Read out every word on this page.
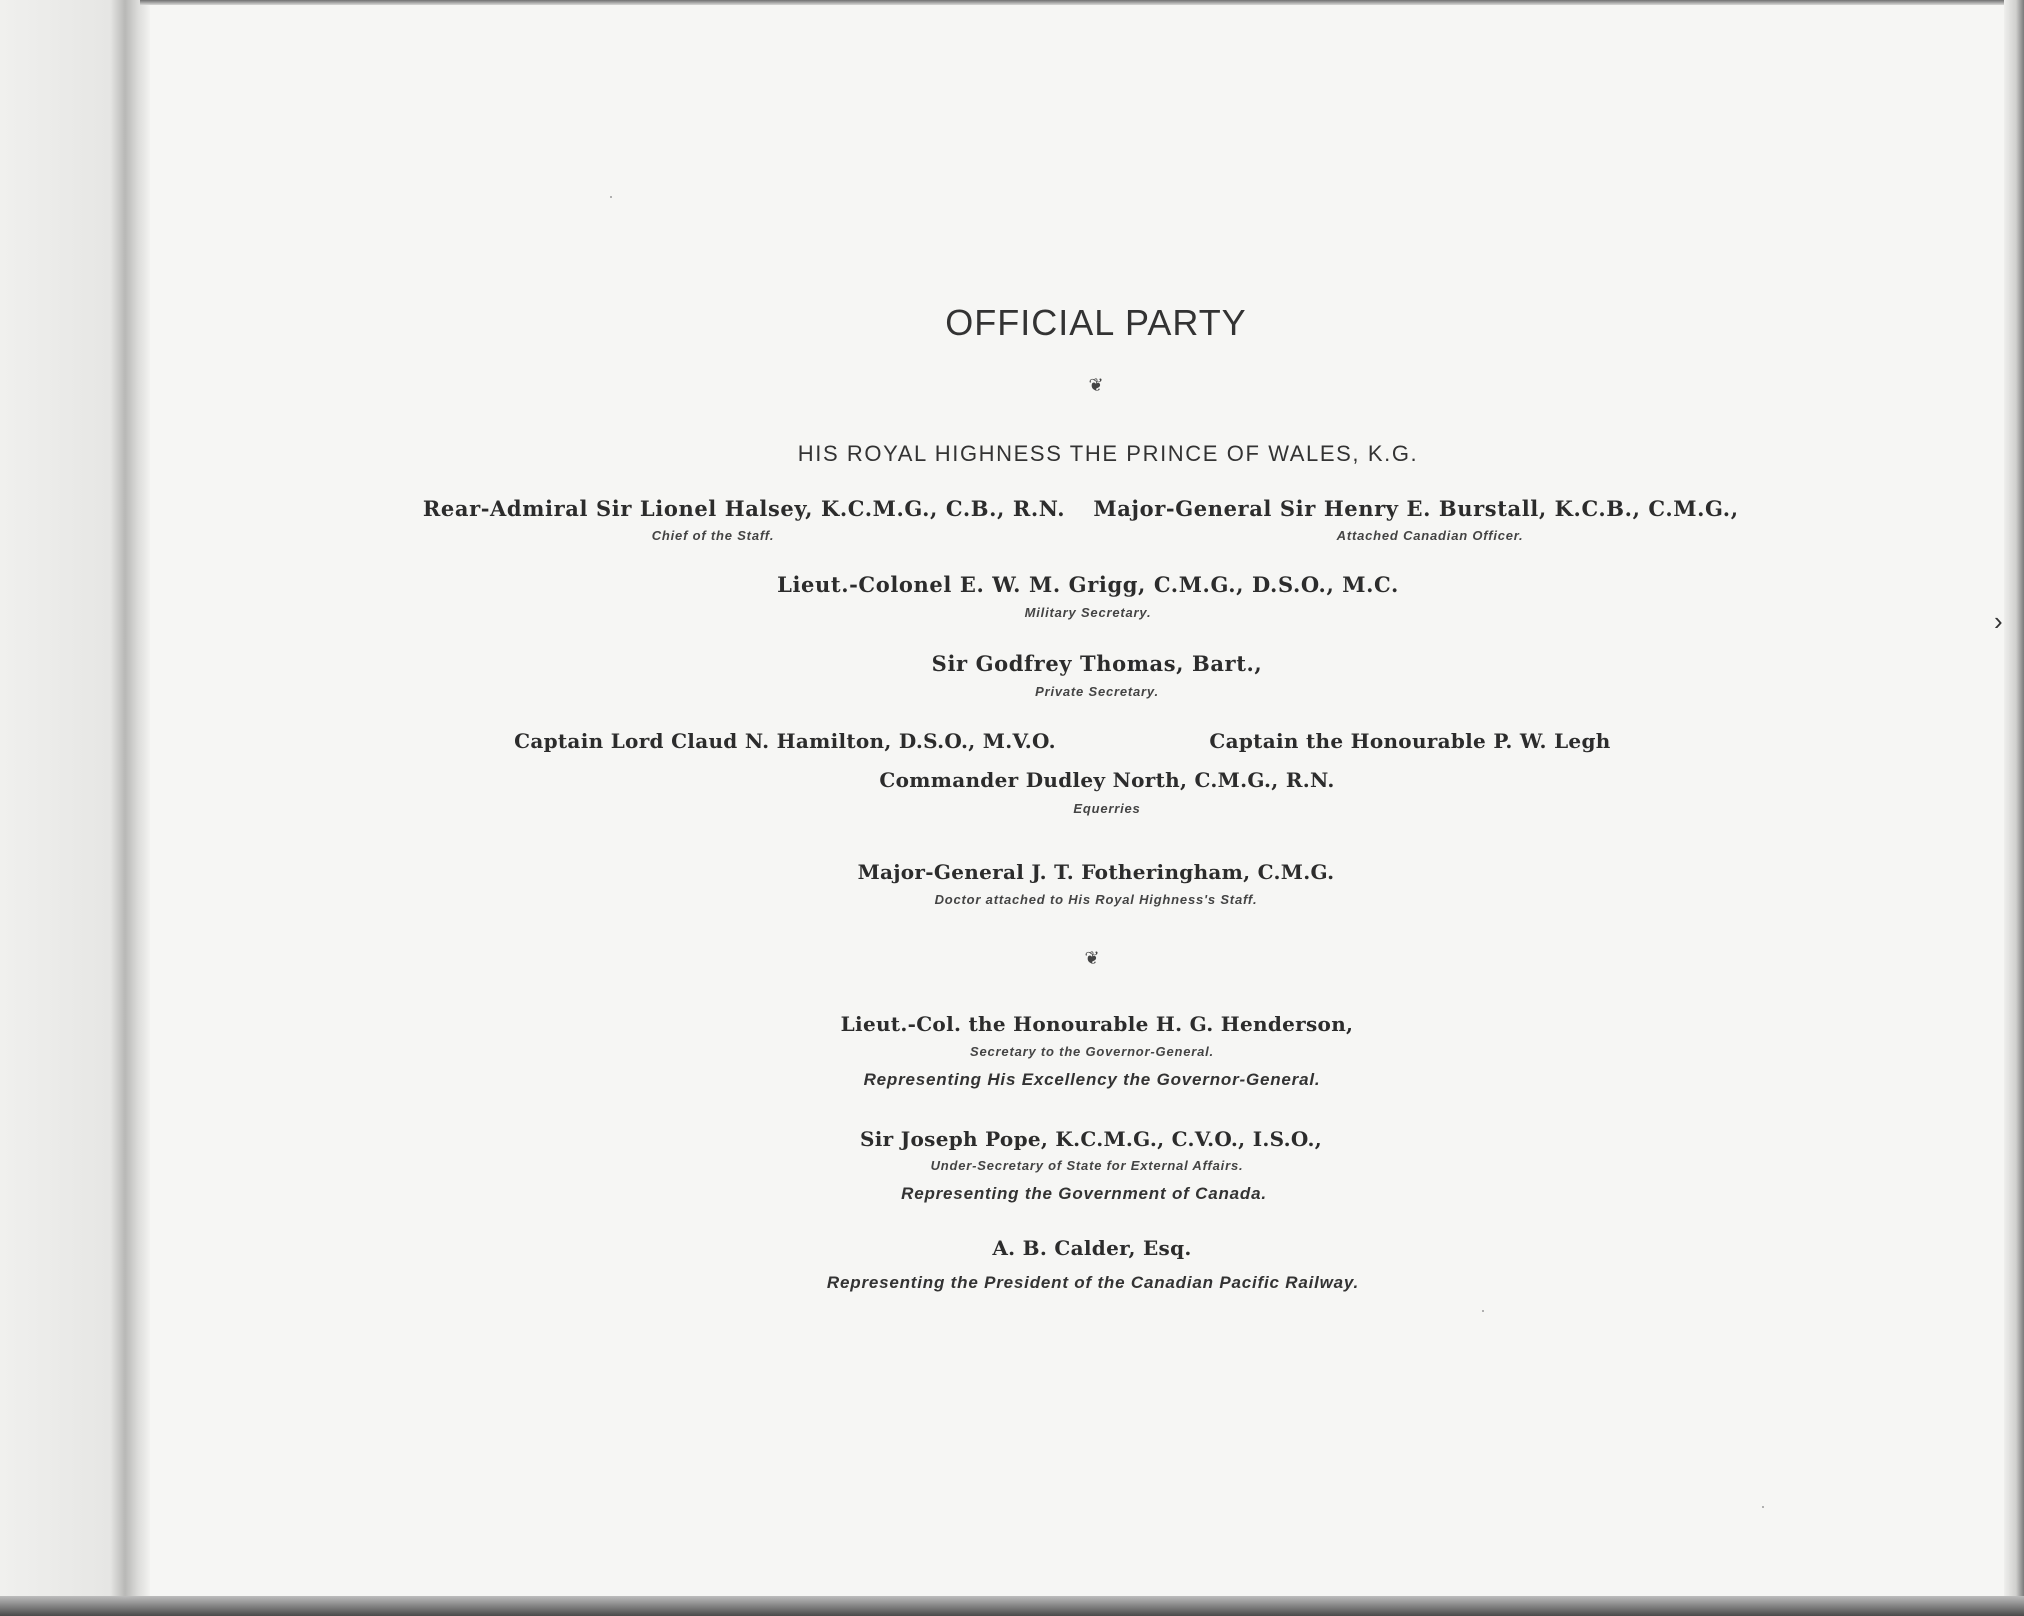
›
OFFICIAL PARTY
❦
HIS ROYAL HIGHNESS THE PRINCE OF WALES, K.G.
Rear-Admiral Sir Lionel Halsey, K.C.M.G., C.B., R.N.
Chief of the Staff.
Major-General Sir Henry E. Burstall, K.C.B., C.M.G.,
Attached Canadian Officer.
Lieut.-Colonel E. W. M. Grigg, C.M.G., D.S.O., M.C.
Military Secretary.
Sir Godfrey Thomas, Bart.,
Private Secretary.
Captain Lord Claud N. Hamilton, D.S.O., M.V.O.	Captain the Honourable P. W. Legh
Commander Dudley North, C.M.G., R.N.
Equerries
Major-General J. T. Fotheringham, C.M.G.
Doctor attached to His Royal Highness's Staff.
❦
Lieut.-Col. the Honourable H. G. Henderson,
Secretary to the Governor-General.
Representing His Excellency the Governor-General.
Sir Joseph Pope, K.C.M.G., C.V.O., I.S.O.,
Under-Secretary of State for External Affairs.
Representing the Government of Canada.
A. B. Calder, Esq.
Representing the President of the Canadian Pacific Railway.
